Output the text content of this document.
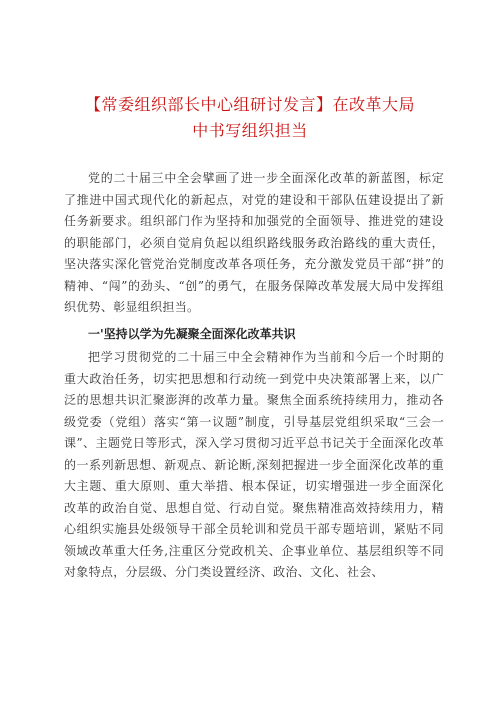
【常委组织部长中心组研讨发言】在改革大局
中书写组织担当

党的二十届三中全会擘画了进一步全面深化改革的新蓝图，标定了推进中国式现代化的新起点，对党的建设和干部队伍建设提出了新任务新要求。组织部门作为坚持和加强党的全面领导、推进党的建设的职能部门，必须自觉肩负起以组织路线服务政治路线的重大责任，坚决落实深化管党治党制度改革各项任务，充分激发党员干部“拼”的精神、“闯”的劲头、“创”的勇气，在服务保障改革发展大局中发挥组织优势、彰显组织担当。

一'坚持以学为先凝聚全面深化改革共识

把学习贯彻党的二十届三中全会精神作为当前和今后一个时期的重大政治任务，切实把思想和行动统一到党中央决策部署上来，以广泛的思想共识汇聚澎湃的改革力量。聚焦全面系统持续用力，推动各级党委（党组）落实“第一议题”制度，引导基层党组织采取“三会一课”、主题党日等形式，深入学习贯彻习近平总书记关于全面深化改革的一系列新思想、新观点、新论断,深刻把握进一步全面深化改革的重大主题、重大原则、重大举措、根本保证，切实增强进一步全面深化改革的政治自觉、思想自觉、行动自觉。聚焦精准高效持续用力，精心组织实施县处级领导干部全员轮训和党员干部专题培训，紧贴不同领域改革重大任务,注重区分党政机关、企事业单位、基层组织等不同对象特点，分层级、分门类设置经济、政治、文化、社会、
